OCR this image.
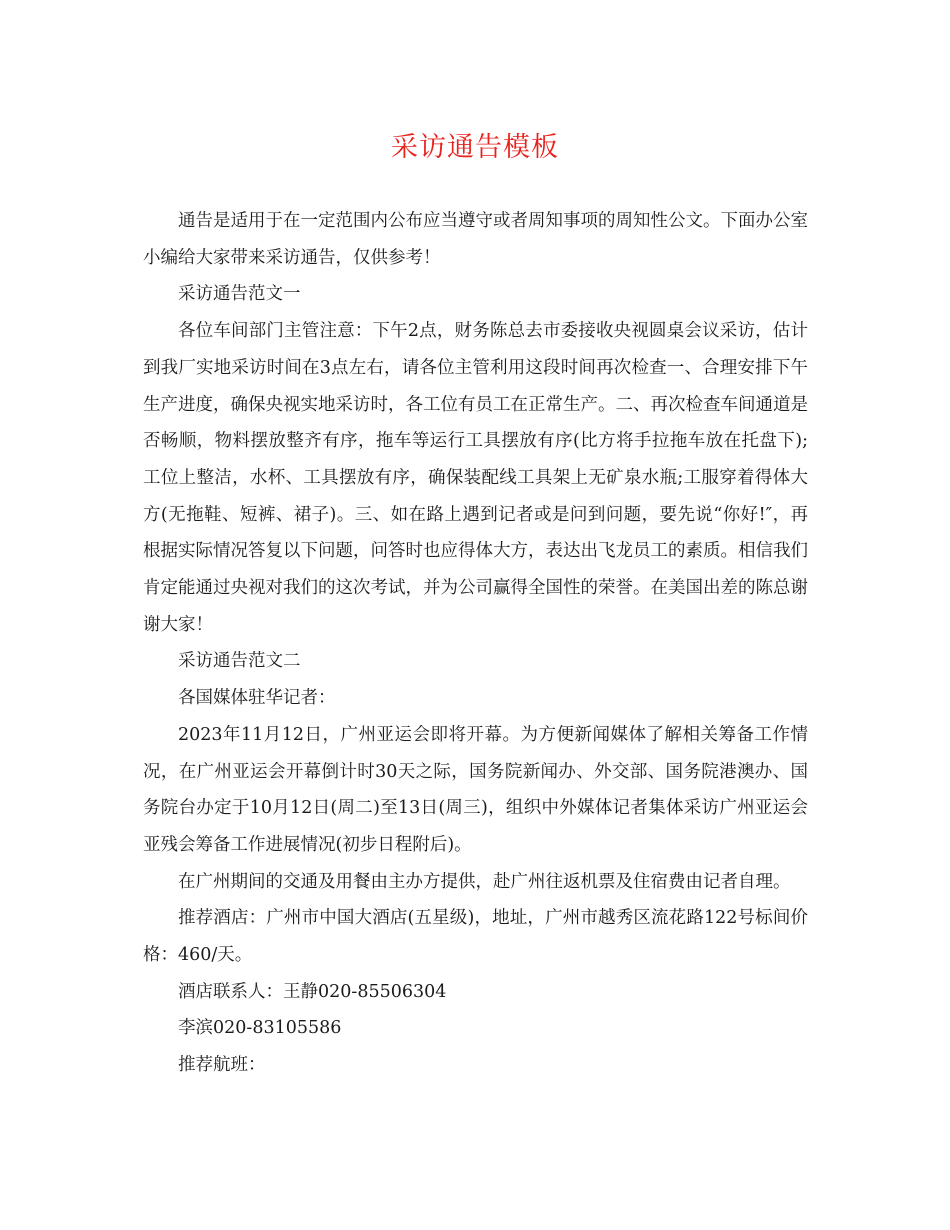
采访通告模板

通告是适用于在一定范围内公布应当遵守或者周知事项的周知性公文。下面办公室小编给大家带来采访通告，仅供参考！

采访通告范文一

各位车间部门主管注意：下午2点，财务陈总去市委接收央视圆桌会议采访，估计到我厂实地采访时间在3点左右，请各位主管利用这段时间再次检查一、合理安排下午生产进度，确保央视实地采访时，各工位有员工在正常生产。二、再次检查车间通道是否畅顺，物料摆放整齐有序，拖车等运行工具摆放有序(比方将手拉拖车放在托盘下);工位上整洁，水杯、工具摆放有序，确保装配线工具架上无矿泉水瓶;工服穿着得体大方(无拖鞋、短裤、裙子)。三、如在路上遇到记者或是问到问题，要先说“你好!″，再根据实际情况答复以下问题，问答时也应得体大方，表达出飞龙员工的素质。相信我们肯定能通过央视对我们的这次考试，并为公司赢得全国性的荣誉。在美国出差的陈总谢谢大家！

采访通告范文二

各国媒体驻华记者：

2023年11月12日，广州亚运会即将开幕。为方便新闻媒体了解相关筹备工作情况，在广州亚运会开幕倒计时30天之际，国务院新闻办、外交部、国务院港澳办、国务院台办定于10月12日(周二)至13日(周三)，组织中外媒体记者集体采访广州亚运会亚残会筹备工作进展情况(初步日程附后)。

在广州期间的交通及用餐由主办方提供，赴广州往返机票及住宿费由记者自理。

推荐酒店：广州市中国大酒店(五星级)，地址，广州市越秀区流花路122号标间价格：460/天。

酒店联系人：王静020-85506304

李滨020-83105586

推荐航班：
